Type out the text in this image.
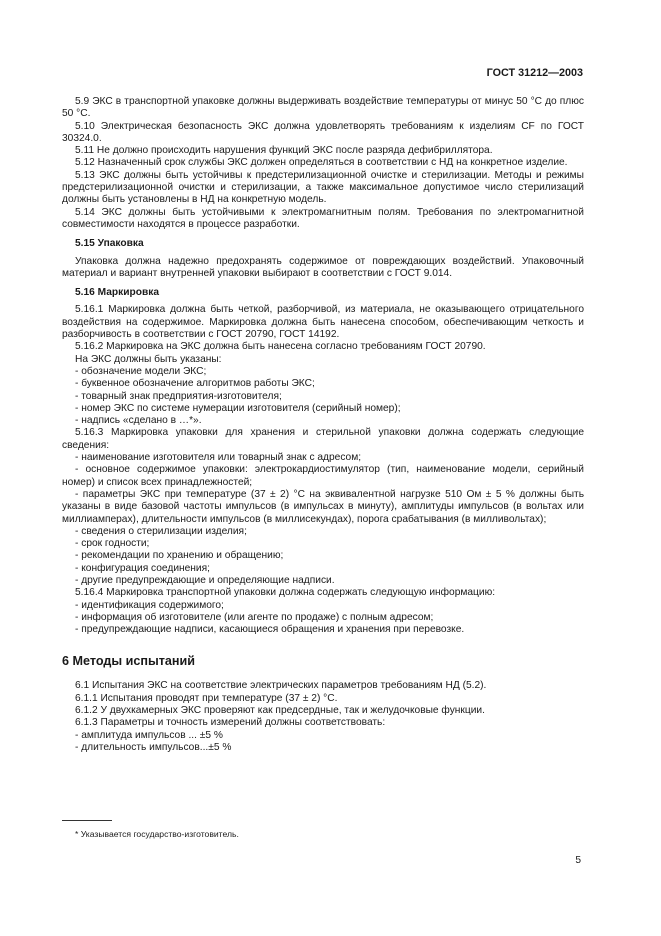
ГОСТ 31212—2003

5.9 ЭКС в транспортной упаковке должны выдерживать воздействие температуры от минус 50 °С до плюс 50 °С.

5.10 Электрическая безопасность ЭКС должна удовлетворять требованиям к изделиям CF по ГОСТ 30324.0.

5.11 Не должно происходить нарушения функций ЭКС после разряда дефибриллятора.

5.12 Назначенный срок службы ЭКС должен определяться в соответствии с НД на конкретное изделие.

5.13 ЭКС должны быть устойчивы к предстерилизационной очистке и стерилизации. Методы и режимы предстерилизационной очистки и стерилизации, а также максимальное допустимое число стерилизаций должны быть установлены в НД на конкретную модель.

5.14 ЭКС должны быть устойчивыми к электромагнитным полям. Требования по электромагнитной совместимости находятся в процессе разработки.

5.15 Упаковка

Упаковка должна надежно предохранять содержимое от повреждающих воздействий. Упаковочный материал и вариант внутренней упаковки выбирают в соответствии с ГОСТ 9.014.

5.16 Маркировка

5.16.1 Маркировка должна быть четкой, разборчивой, из материала, не оказывающего отрицательного воздействия на содержимое. Маркировка должна быть нанесена способом, обеспечивающим четкость и разборчивость в соответствии с ГОСТ 20790, ГОСТ 14192.

5.16.2 Маркировка на ЭКС должна быть нанесена согласно требованиям ГОСТ 20790.

На ЭКС должны быть указаны:

- обозначение модели ЭКС;

- буквенное обозначение алгоритмов работы ЭКС;

- товарный знак предприятия-изготовителя;

- номер ЭКС по системе нумерации изготовителя (серийный номер);

- надпись «сделано в …*».

5.16.3 Маркировка упаковки для хранения и стерильной упаковки должна содержать следующие сведения:

- наименование изготовителя или товарный знак с адресом;

- основное содержимое упаковки: электрокардиостимулятор (тип, наименование модели, серийный номер) и список всех принадлежностей;

- параметры ЭКС при температуре (37 ± 2) °С на эквивалентной нагрузке 510 Ом ± 5 % должны быть указаны в виде базовой частоты импульсов (в импульсах в минуту), амплитуды импульсов (в вольтах или миллиамперах), длительности импульсов (в миллисекундах), порога срабатывания (в милливольтах);

- сведения о стерилизации изделия;

- срок годности;

- рекомендации по хранению и обращению;

- конфигурация соединения;

- другие предупреждающие и определяющие надписи.

5.16.4 Маркировка транспортной упаковки должна содержать следующую информацию:

- идентификация содержимого;

- информация об изготовителе (или агенте по продаже) с полным адресом;

- предупреждающие надписи, касающиеся обращения и хранения при перевозке.

6 Методы испытаний

6.1 Испытания ЭКС на соответствие электрических параметров требованиям НД (5.2).

6.1.1 Испытания проводят при температуре (37 ± 2) °С.

6.1.2 У двухкамерных ЭКС проверяют как предсердные, так и желудочковые функции.

6.1.3 Параметры и точность измерений должны соответствовать:

- амплитуда импульсов ... ±5 %

- длительность импульсов...±5 %

* Указывается государство-изготовитель.
5
